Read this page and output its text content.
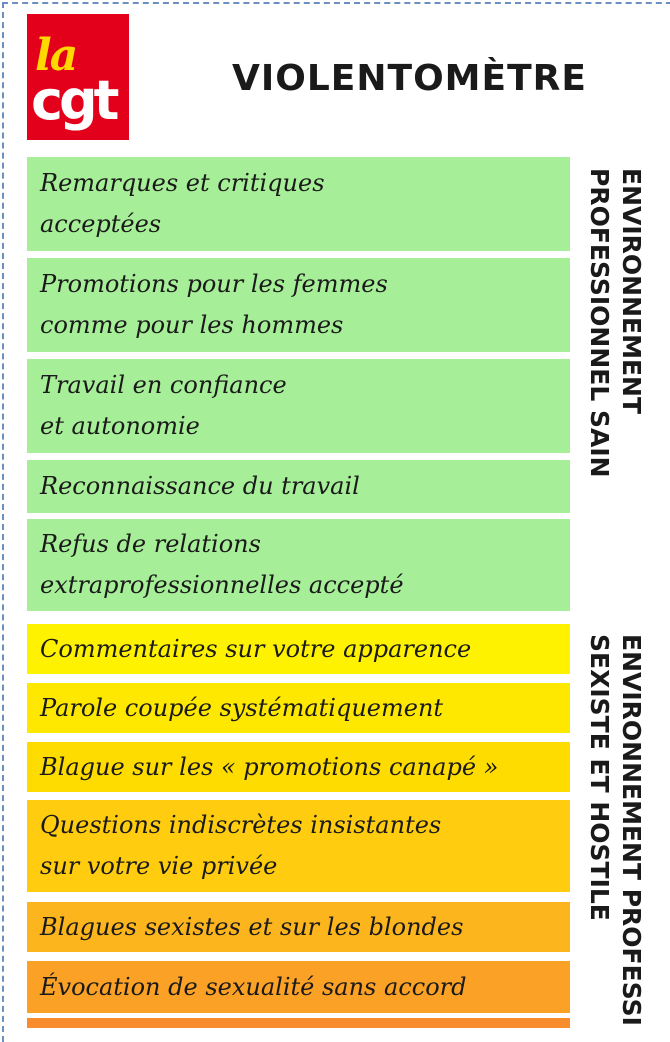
la
cgt	VIOLENTOMÈTRE
Remarques et critiques
acceptées
Promotions pour les femmes
comme pour les hommes
Travail en confiance
et autonomie
Reconnaissance du travail
Refus de relations
extraprofessionnelles accepté
Commentaires sur votre apparence
Parole coupée systématiquement
Blague sur les « promotions canapé »
Questions indiscrètes insistantes
sur votre vie privée
Blagues sexistes et sur les blondes
Évocation de sexualité sans accord
ENVIRONNEMENT
PROFESSIONNEL SAIN
ENVIRONNEMENT PROFESSI
SEXISTE ET HOSTILE
